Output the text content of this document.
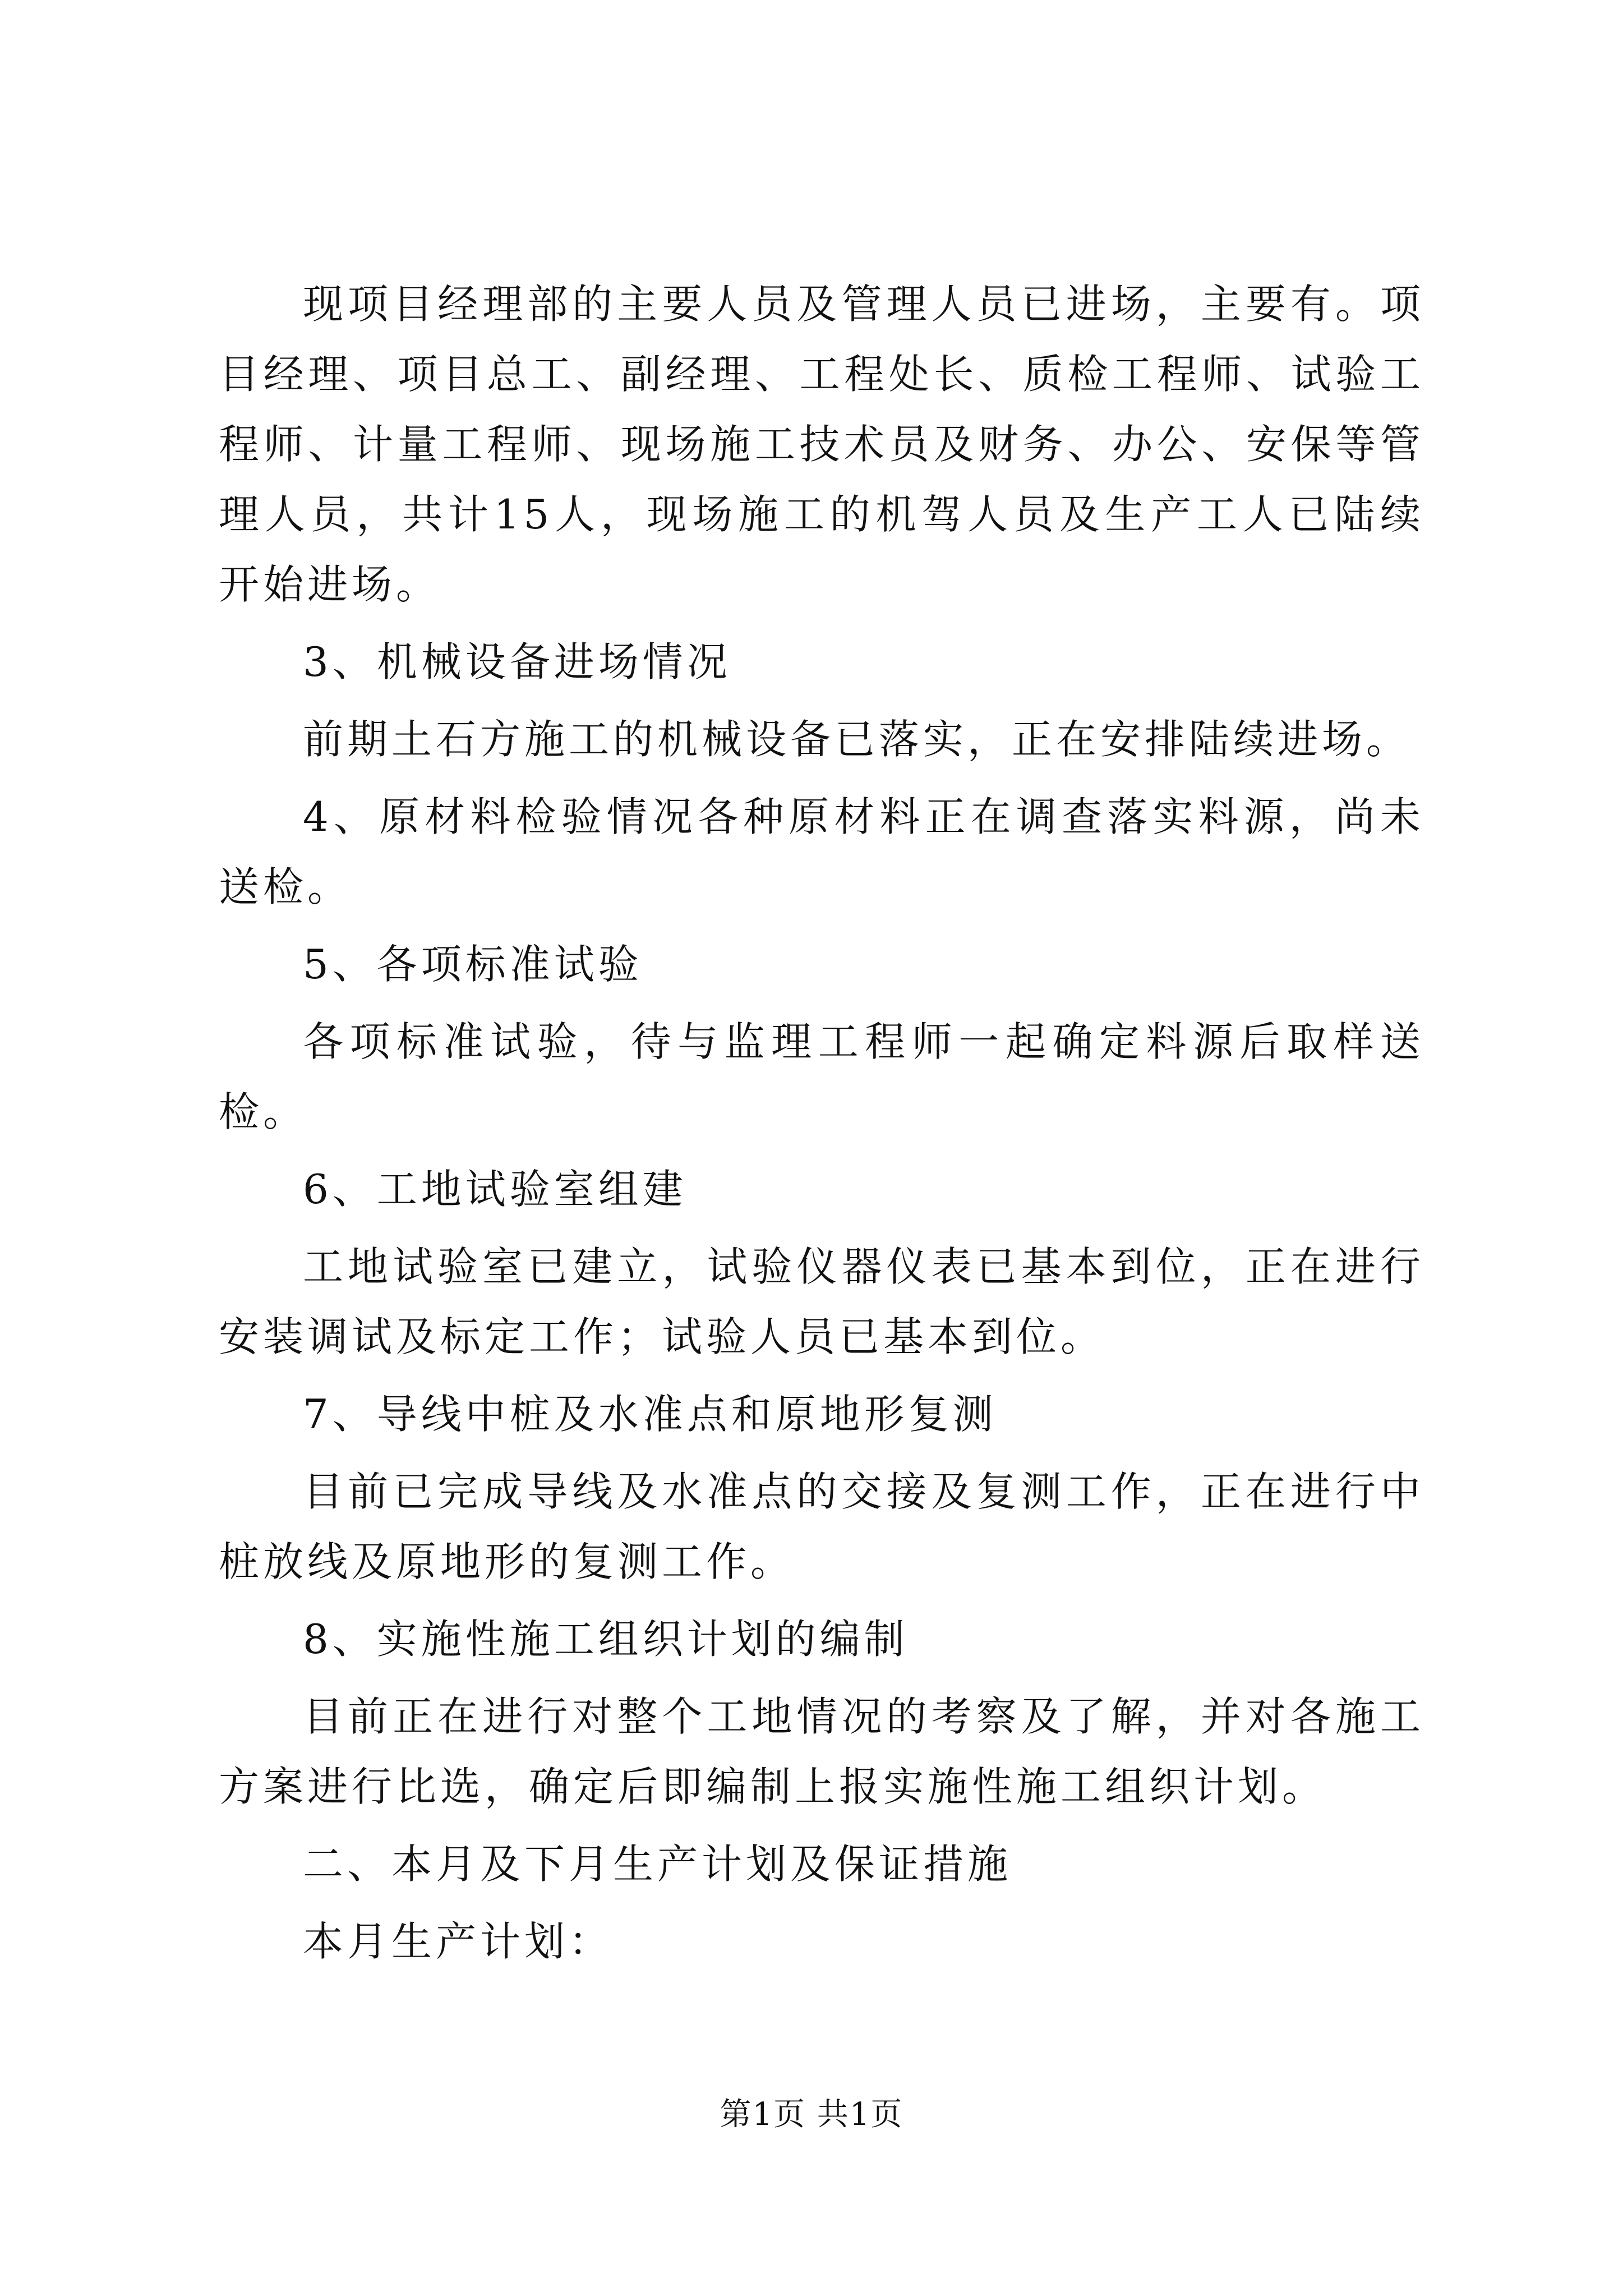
现项目经理部的主要人员及管理人员已进场，主要有。项目经理、项目总工、副经理、工程处长、质检工程师、试验工程师、计量工程师、现场施工技术员及财务、办公、安保等管理人员，共计15人，现场施工的机驾人员及生产工人已陆续开始进场。

3、机械设备进场情况

前期土石方施工的机械设备已落实，正在安排陆续进场。

4、原材料检验情况各种原材料正在调查落实料源，尚未送检。

5、各项标准试验

各项标准试验，待与监理工程师一起确定料源后取样送检。

6、工地试验室组建

工地试验室已建立，试验仪器仪表已基本到位，正在进行安装调试及标定工作；试验人员已基本到位。

7、导线中桩及水准点和原地形复测

目前已完成导线及水准点的交接及复测工作，正在进行中桩放线及原地形的复测工作。

8、实施性施工组织计划的编制

目前正在进行对整个工地情况的考察及了解，并对各施工方案进行比选，确定后即编制上报实施性施工组织计划。

二、本月及下月生产计划及保证措施

本月生产计划：

第1页 共1页
